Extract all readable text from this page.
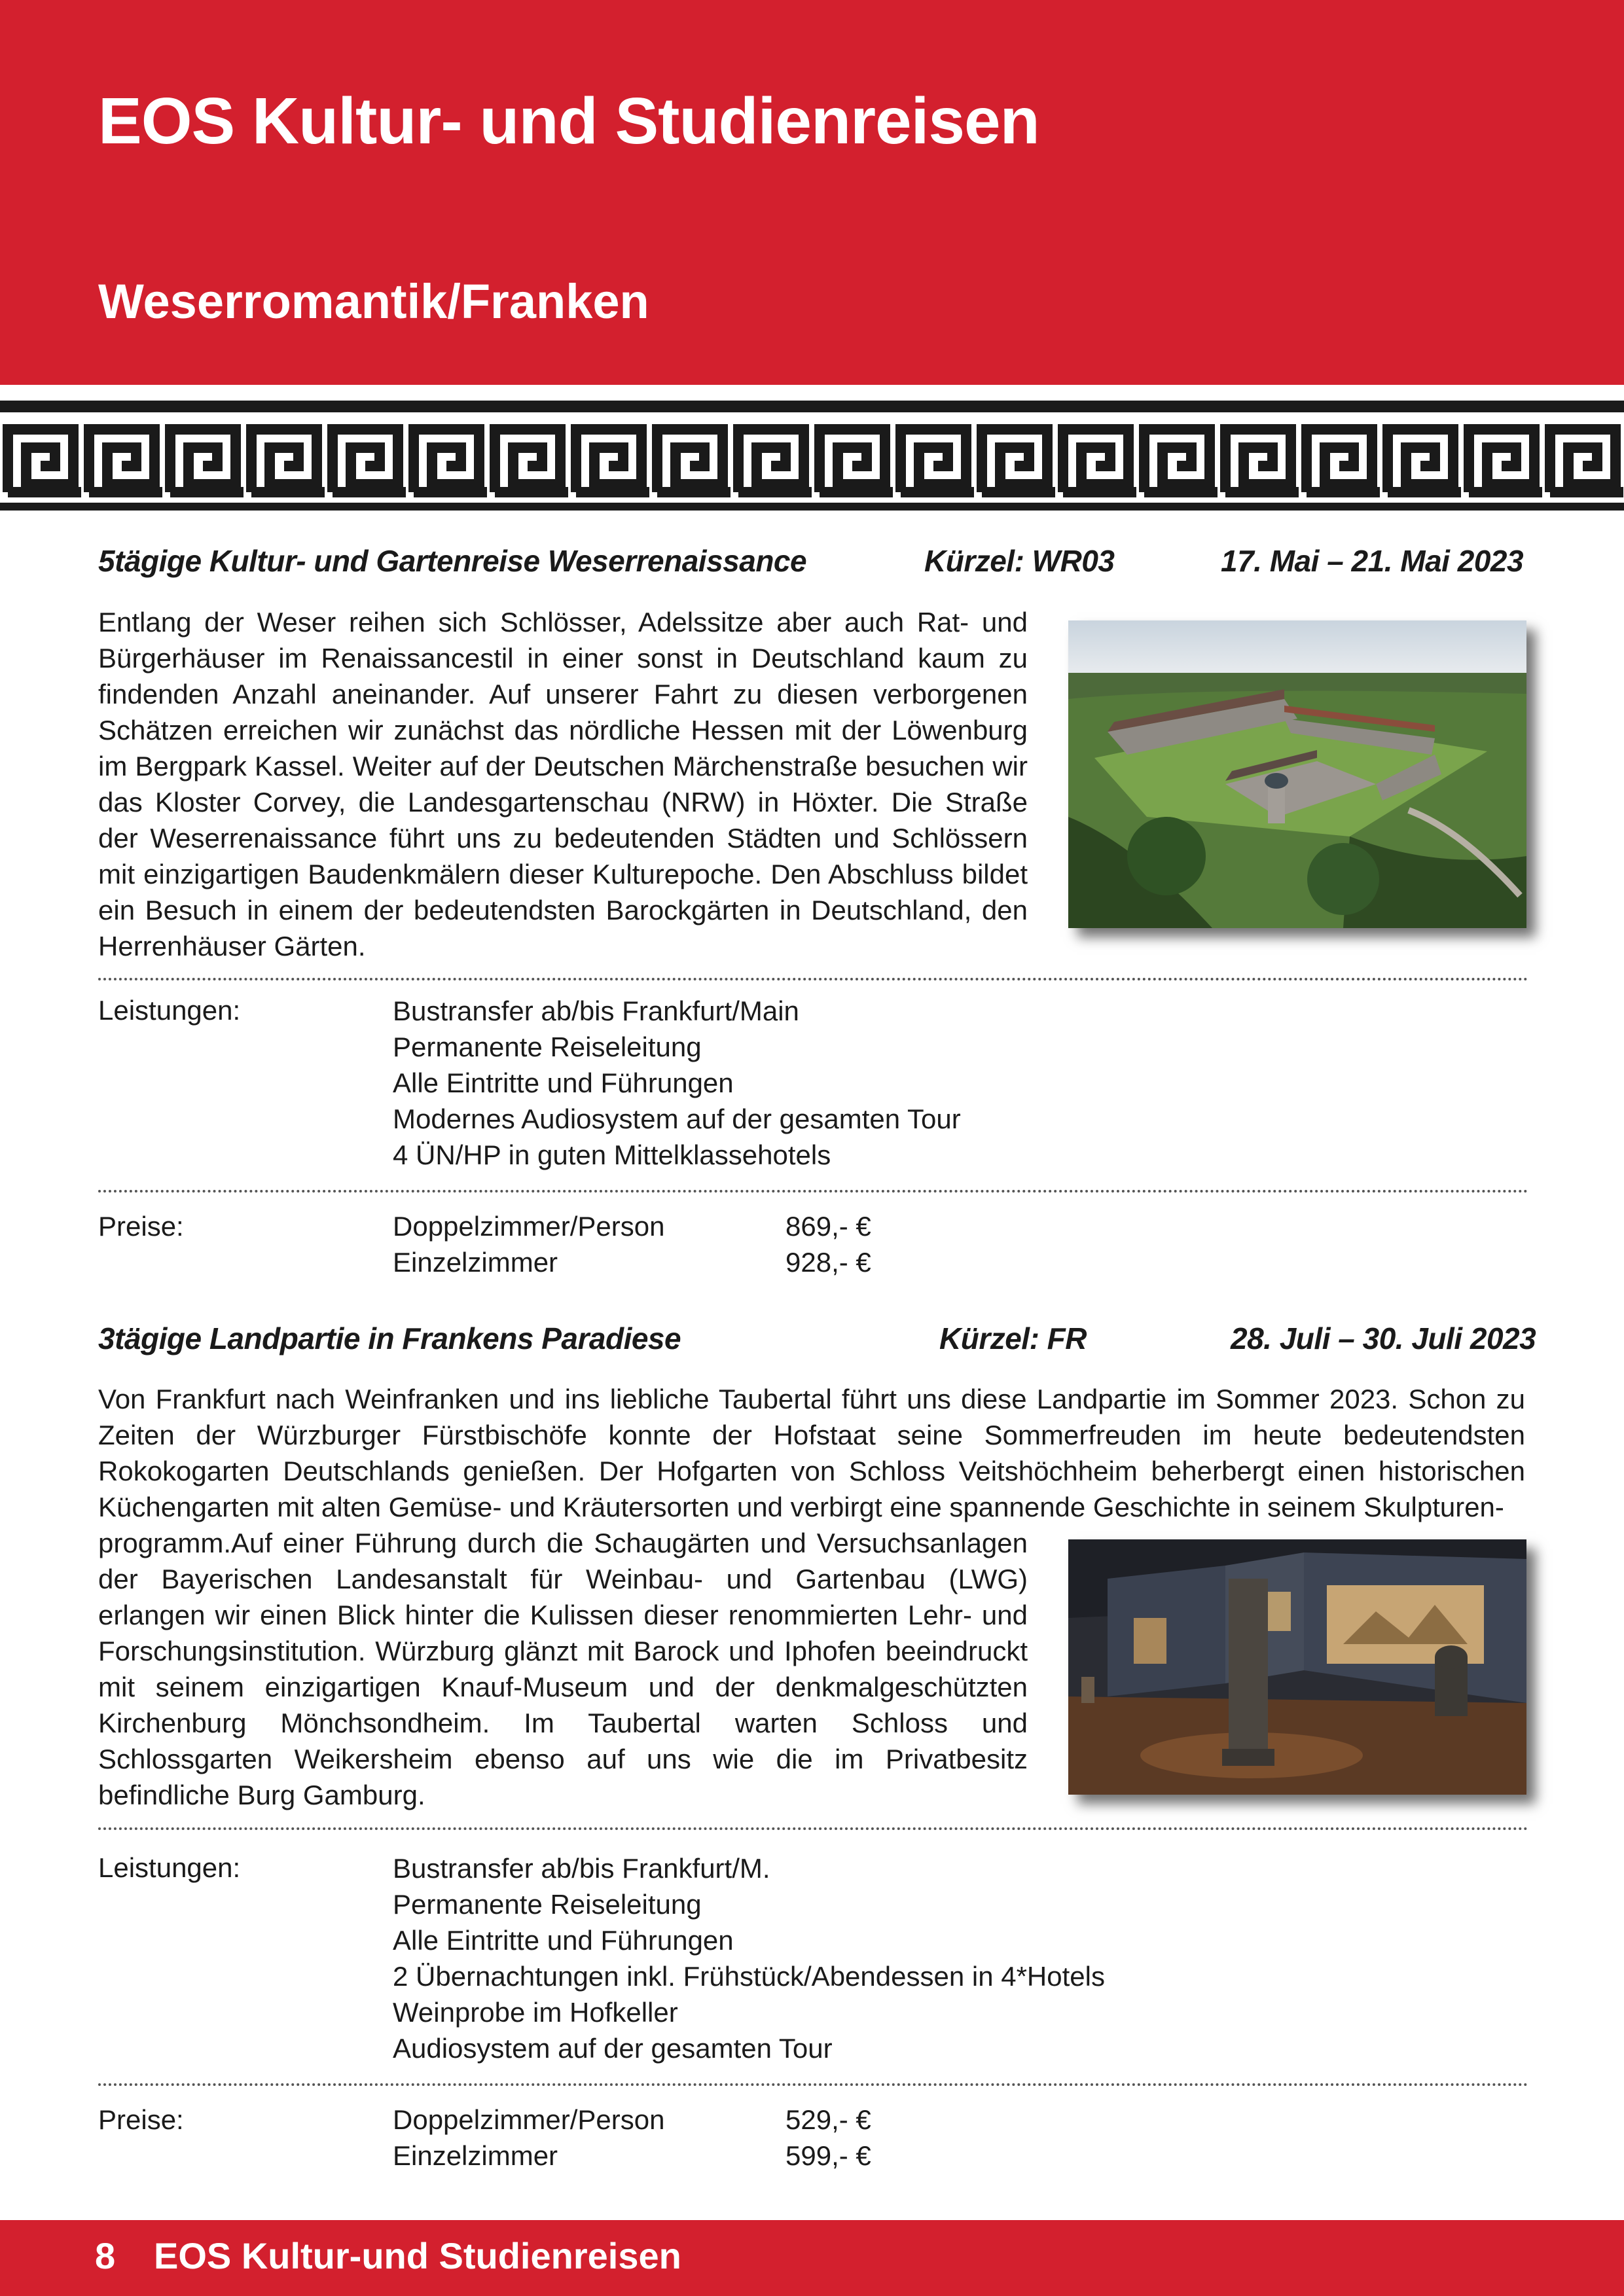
EOS Kultur- und Studienreisen
Weserromantik/Franken
5tägige Kultur- und Gartenreise Weserrenaissance	Kürzel: WR03	17. Mai – 21. Mai 2023
Entlang der Weser reihen sich Schlösser, Adelssitze aber auch Rat- und Bürgerhäuser im Renaissancestil in einer sonst in Deutschland kaum zu findenden Anzahl aneinander. Auf unserer Fahrt zu diesen verborgenen Schätzen erreichen wir zunächst das nördliche Hessen mit der Löwenburg im Bergpark Kassel. Weiter auf der Deutschen Märchenstraße besuchen wir das Kloster Corvey, die Landesgartenschau (NRW) in Höxter. Die Straße der Weserrenaissance führt uns zu bedeutenden Städten und Schlössern mit einzigartigen Baudenkmälern dieser Kulturepoche. Den Abschluss bildet ein Besuch in einem der bedeutendsten Barockgärten in Deutschland, den Herrenhäuser Gärten.
Leistungen:	Bustransfer ab/bis Frankfurt/Main
Permanente Reiseleitung
Alle Eintritte und Führungen
Modernes Audiosystem auf der gesamten Tour
4 ÜN/HP in guten Mittelklassehotels
Preise:	Doppelzimmer/Person	869,- €
Einzelzimmer	928,- €
3tägige Landpartie in Frankens Paradiese	Kürzel: FR	28. Juli – 30. Juli 2023
Von Frankfurt nach Weinfranken und ins liebliche Taubertal führt uns diese Landpartie im Sommer 2023. Schon zu Zeiten der Würzburger Fürstbischöfe konnte der Hofstaat seine Sommerfreuden im heute bedeutendsten Rokokogarten Deutschlands genießen. Der Hofgarten von Schloss Veitshöchheim beherbergt einen historischen Küchengarten mit alten Gemüse- und Kräutersorten und verbirgt eine spannende Geschichte in seinem Skulpturen-
programm.Auf einer Führung durch die Schaugärten und Versuchsanlagen der Bayerischen Landesanstalt für Weinbau- und Gartenbau (LWG) erlangen wir einen Blick hinter die Kulissen dieser renommierten Lehr- und Forschungsinstitution. Würzburg glänzt mit Barock und Iphofen beeindruckt mit seinem einzigartigen Knauf-Museum und der denkmalgeschützten Kirchenburg Mönchsondheim. Im Taubertal warten Schloss und Schlossgarten Weikersheim ebenso auf uns wie die im Privatbesitz befindliche Burg Gamburg.
Leistungen:	Bustransfer ab/bis Frankfurt/M.
Permanente Reiseleitung
Alle Eintritte und Führungen
2 Übernachtungen inkl. Frühstück/Abendessen in 4*Hotels
Weinprobe im Hofkeller
Audiosystem auf der gesamten Tour
Preise:	Doppelzimmer/Person	529,- €
Einzelzimmer	599,- €
8 EOS Kultur-und Studienreisen
